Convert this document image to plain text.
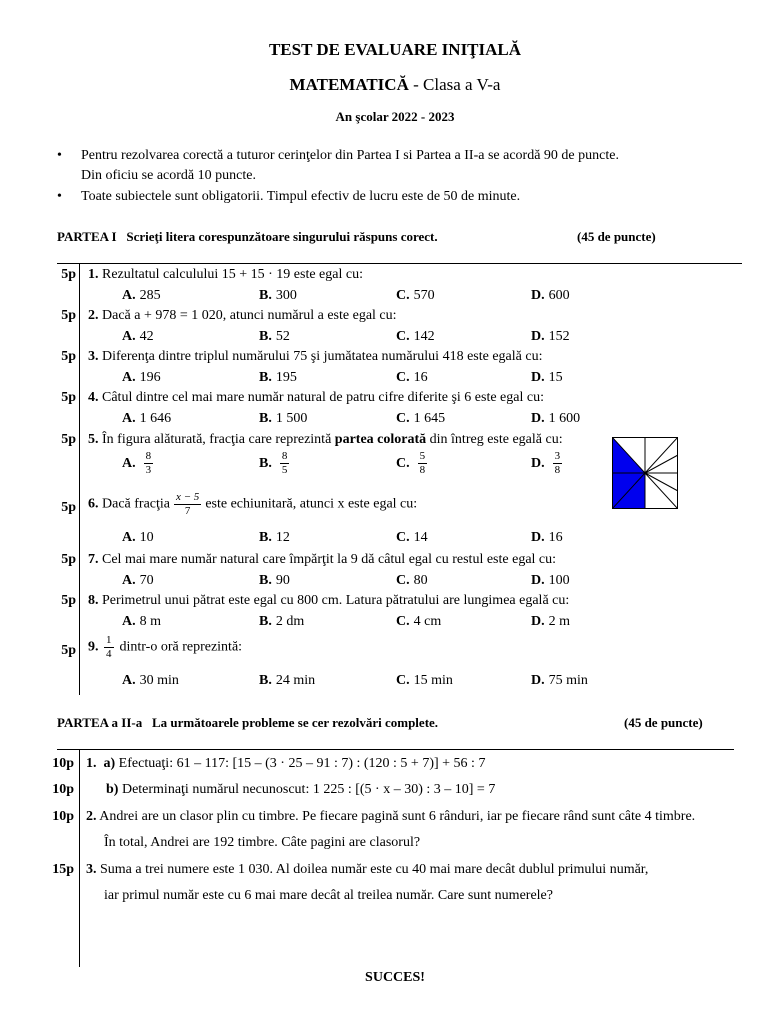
TEST DE EVALUARE INIŢIALĂ
MATEMATICĂ - Clasa a V-a
An şcolar 2022 - 2023
Pentru rezolvarea corectă a tuturor cerinţelor din Partea I si Partea a II-a se acordă 90 de puncte.
Din oficiu se acordă 10 puncte.
Toate subiectele sunt obligatorii. Timpul efectiv de lucru este de 50 de minute.
PARTEA I Scrieţi litera corespunzătoare singurului răspuns corect.	(45 de puncte)
5p 1. Rezultatul calculului 15 + 15 · 19 este egal cu:
A. 285	B. 300	C. 570	D. 600
5p 2. Dacă a + 978 = 1 020, atunci numărul a este egal cu:
A. 42	B. 52	C. 142	D. 152
5p 3. Diferenţa dintre triplul numărului 75 şi jumătatea numărului 418 este egală cu:
A. 196	B. 195	C. 16	D. 15
5p 4. Câtul dintre cel mai mare număr natural de patru cifre diferite şi 6 este egal cu:
A. 1 646	B. 1 500	C. 1 645	D. 1 600
5p 5. În figura alăturată, fracţia care reprezintă partea colorată din întreg este egală cu:
A. $\frac{8}{3}$	B. $\frac{8}{5}$	C. $\frac{5}{8}$	D. $\frac{3}{8}$
5p 6. Dacă fracţia $\frac{x - 5}{7}$ este echiunitară, atunci x este egal cu:
A. 10	B. 12	C. 14	D. 16
5p 7. Cel mai mare număr natural care împărţit la 9 dă câtul egal cu restul este egal cu:
A. 70	B. 90	C. 80	D. 100
5p 8. Perimetrul unui pătrat este egal cu 800 cm. Latura pătratului are lungimea egală cu:
A. 8 m	B. 2 dm	C. 4 cm	D. 2 m
5p 9. $\frac{1}{4}$ dintr-o oră reprezintă:
A. 30 min	B. 24 min	C. 15 min	D. 75 min
PARTEA a II-a La următoarele probleme se cer rezolvări complete.	(45 de puncte)
10p 1. a) Efectuaţi: 61 – 117: [15 – (3 · 25 – 91 : 7) : (120 : 5 + 7)] + 56 : 7
10p b) Determinaţi numărul necunoscut: 1 225 : [(5 · x – 30) : 3 – 10] = 7
10p 2. Andrei are un clasor plin cu timbre. Pe fiecare pagină sunt 6 rânduri, iar pe fiecare rând sunt câte 4 timbre.
În total, Andrei are 192 timbre. Câte pagini are clasorul?
15p 3. Suma a trei numere este 1 030. Al doilea număr este cu 40 mai mare decât dublul primului număr,
iar primul număr este cu 6 mai mare decât al treilea număr. Care sunt numerele?
SUCCES!
